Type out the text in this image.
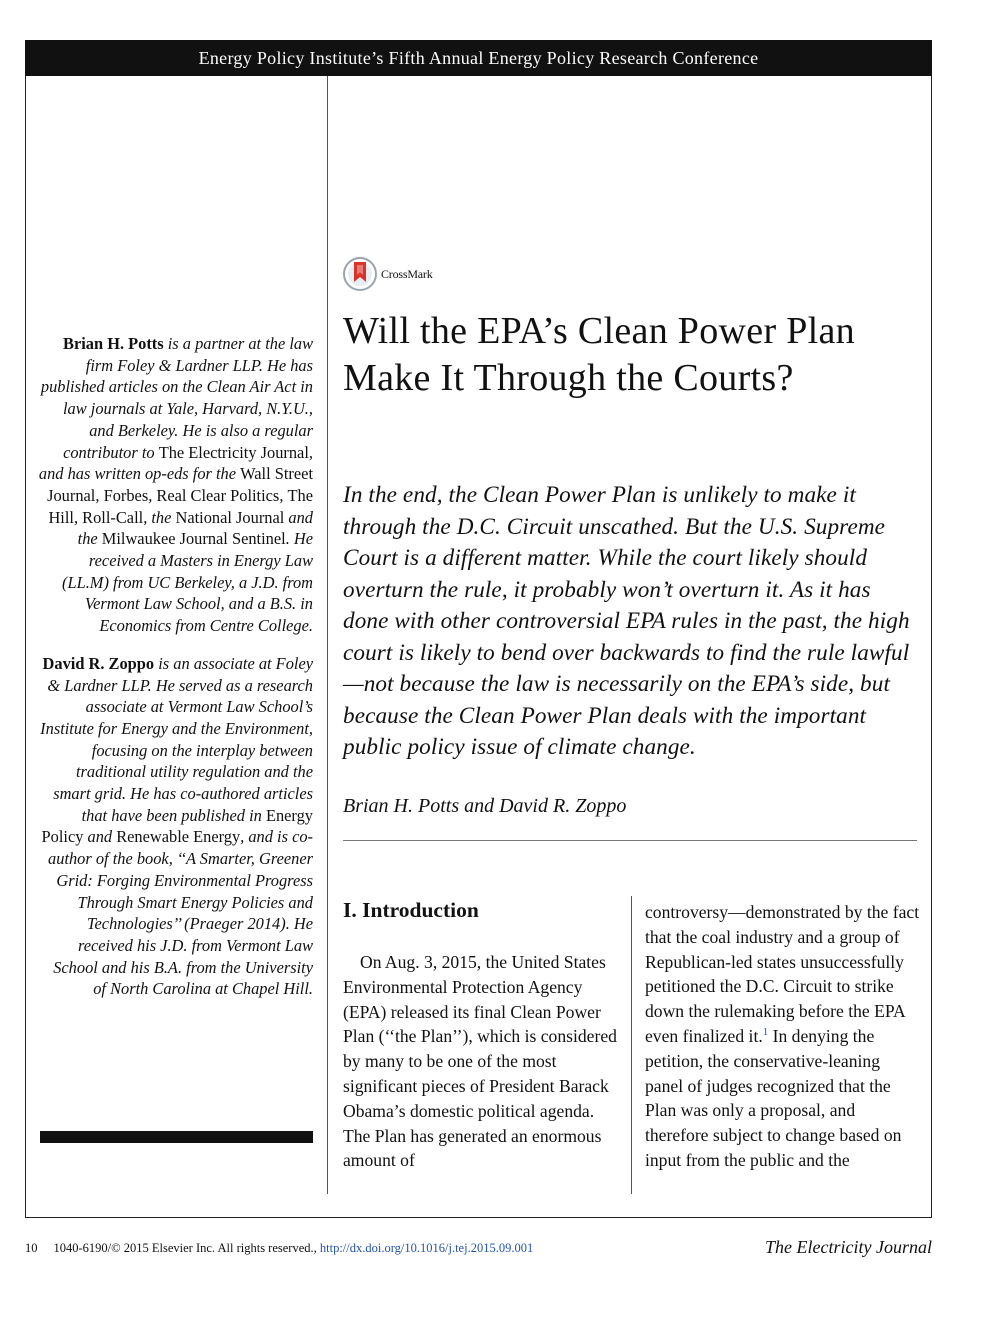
Energy Policy Institute’s Fifth Annual Energy Policy Research Conference

Brian H. Potts is a partner at the law firm Foley & Lardner LLP. He has published articles on the Clean Air Act in law journals at Yale, Harvard, N.Y.U., and Berkeley. He is also a regular contributor to The Electricity Journal, and has written op-eds for the Wall Street Journal, Forbes, Real Clear Politics, The Hill, Roll-Call, the National Journal and the Milwaukee Journal Sentinel. He received a Masters in Energy Law (LL.M) from UC Berkeley, a J.D. from Vermont Law School, and a B.S. in Economics from Centre College.

David R. Zoppo is an associate at Foley & Lardner LLP. He served as a research associate at Vermont Law School’s Institute for Energy and the Environment, focusing on the interplay between traditional utility regulation and the smart grid. He has co-authored articles that have been published in Energy Policy and Renewable Energy, and is co-author of the book, ‘‘A Smarter, Greener Grid: Forging Environmental Progress Through Smart Energy Policies and Technologies’’ (Praeger 2014). He received his J.D. from Vermont Law School and his B.A. from the University of North Carolina at Chapel Hill.

CrossMark
Will the EPA’s Clean Power Plan Make It Through the Courts?

In the end, the Clean Power Plan is unlikely to make it through the D.C. Circuit unscathed. But the U.S. Supreme Court is a different matter. While the court likely should overturn the rule, it probably won’t overturn it. As it has done with other controversial EPA rules in the past, the high court is likely to bend over backwards to find the rule lawful—not because the law is necessarily on the EPA’s side, but because the Clean Power Plan deals with the important public policy issue of climate change.

Brian H. Potts and David R. Zoppo

I. Introduction

On Aug. 3, 2015, the United States Environmental Protection Agency (EPA) released its final Clean Power Plan (‘‘the Plan’’), which is considered by many to be one of the most significant pieces of President Barack Obama’s domestic political agenda. The Plan has generated an enormous amount of

controversy—demonstrated by the fact that the coal industry and a group of Republican-led states unsuccessfully petitioned the D.C. Circuit to strike down the rulemaking before the EPA even finalized it.$^1$ In denying the petition, the conservative-leaning panel of judges recognized that the Plan was only a proposal, and therefore subject to change based on input from the public and the

10 1040-6190/© 2015 Elsevier Inc. All rights reserved., http://dx.doi.org/10.1016/j.tej.2015.09.001	The Electricity Journal
